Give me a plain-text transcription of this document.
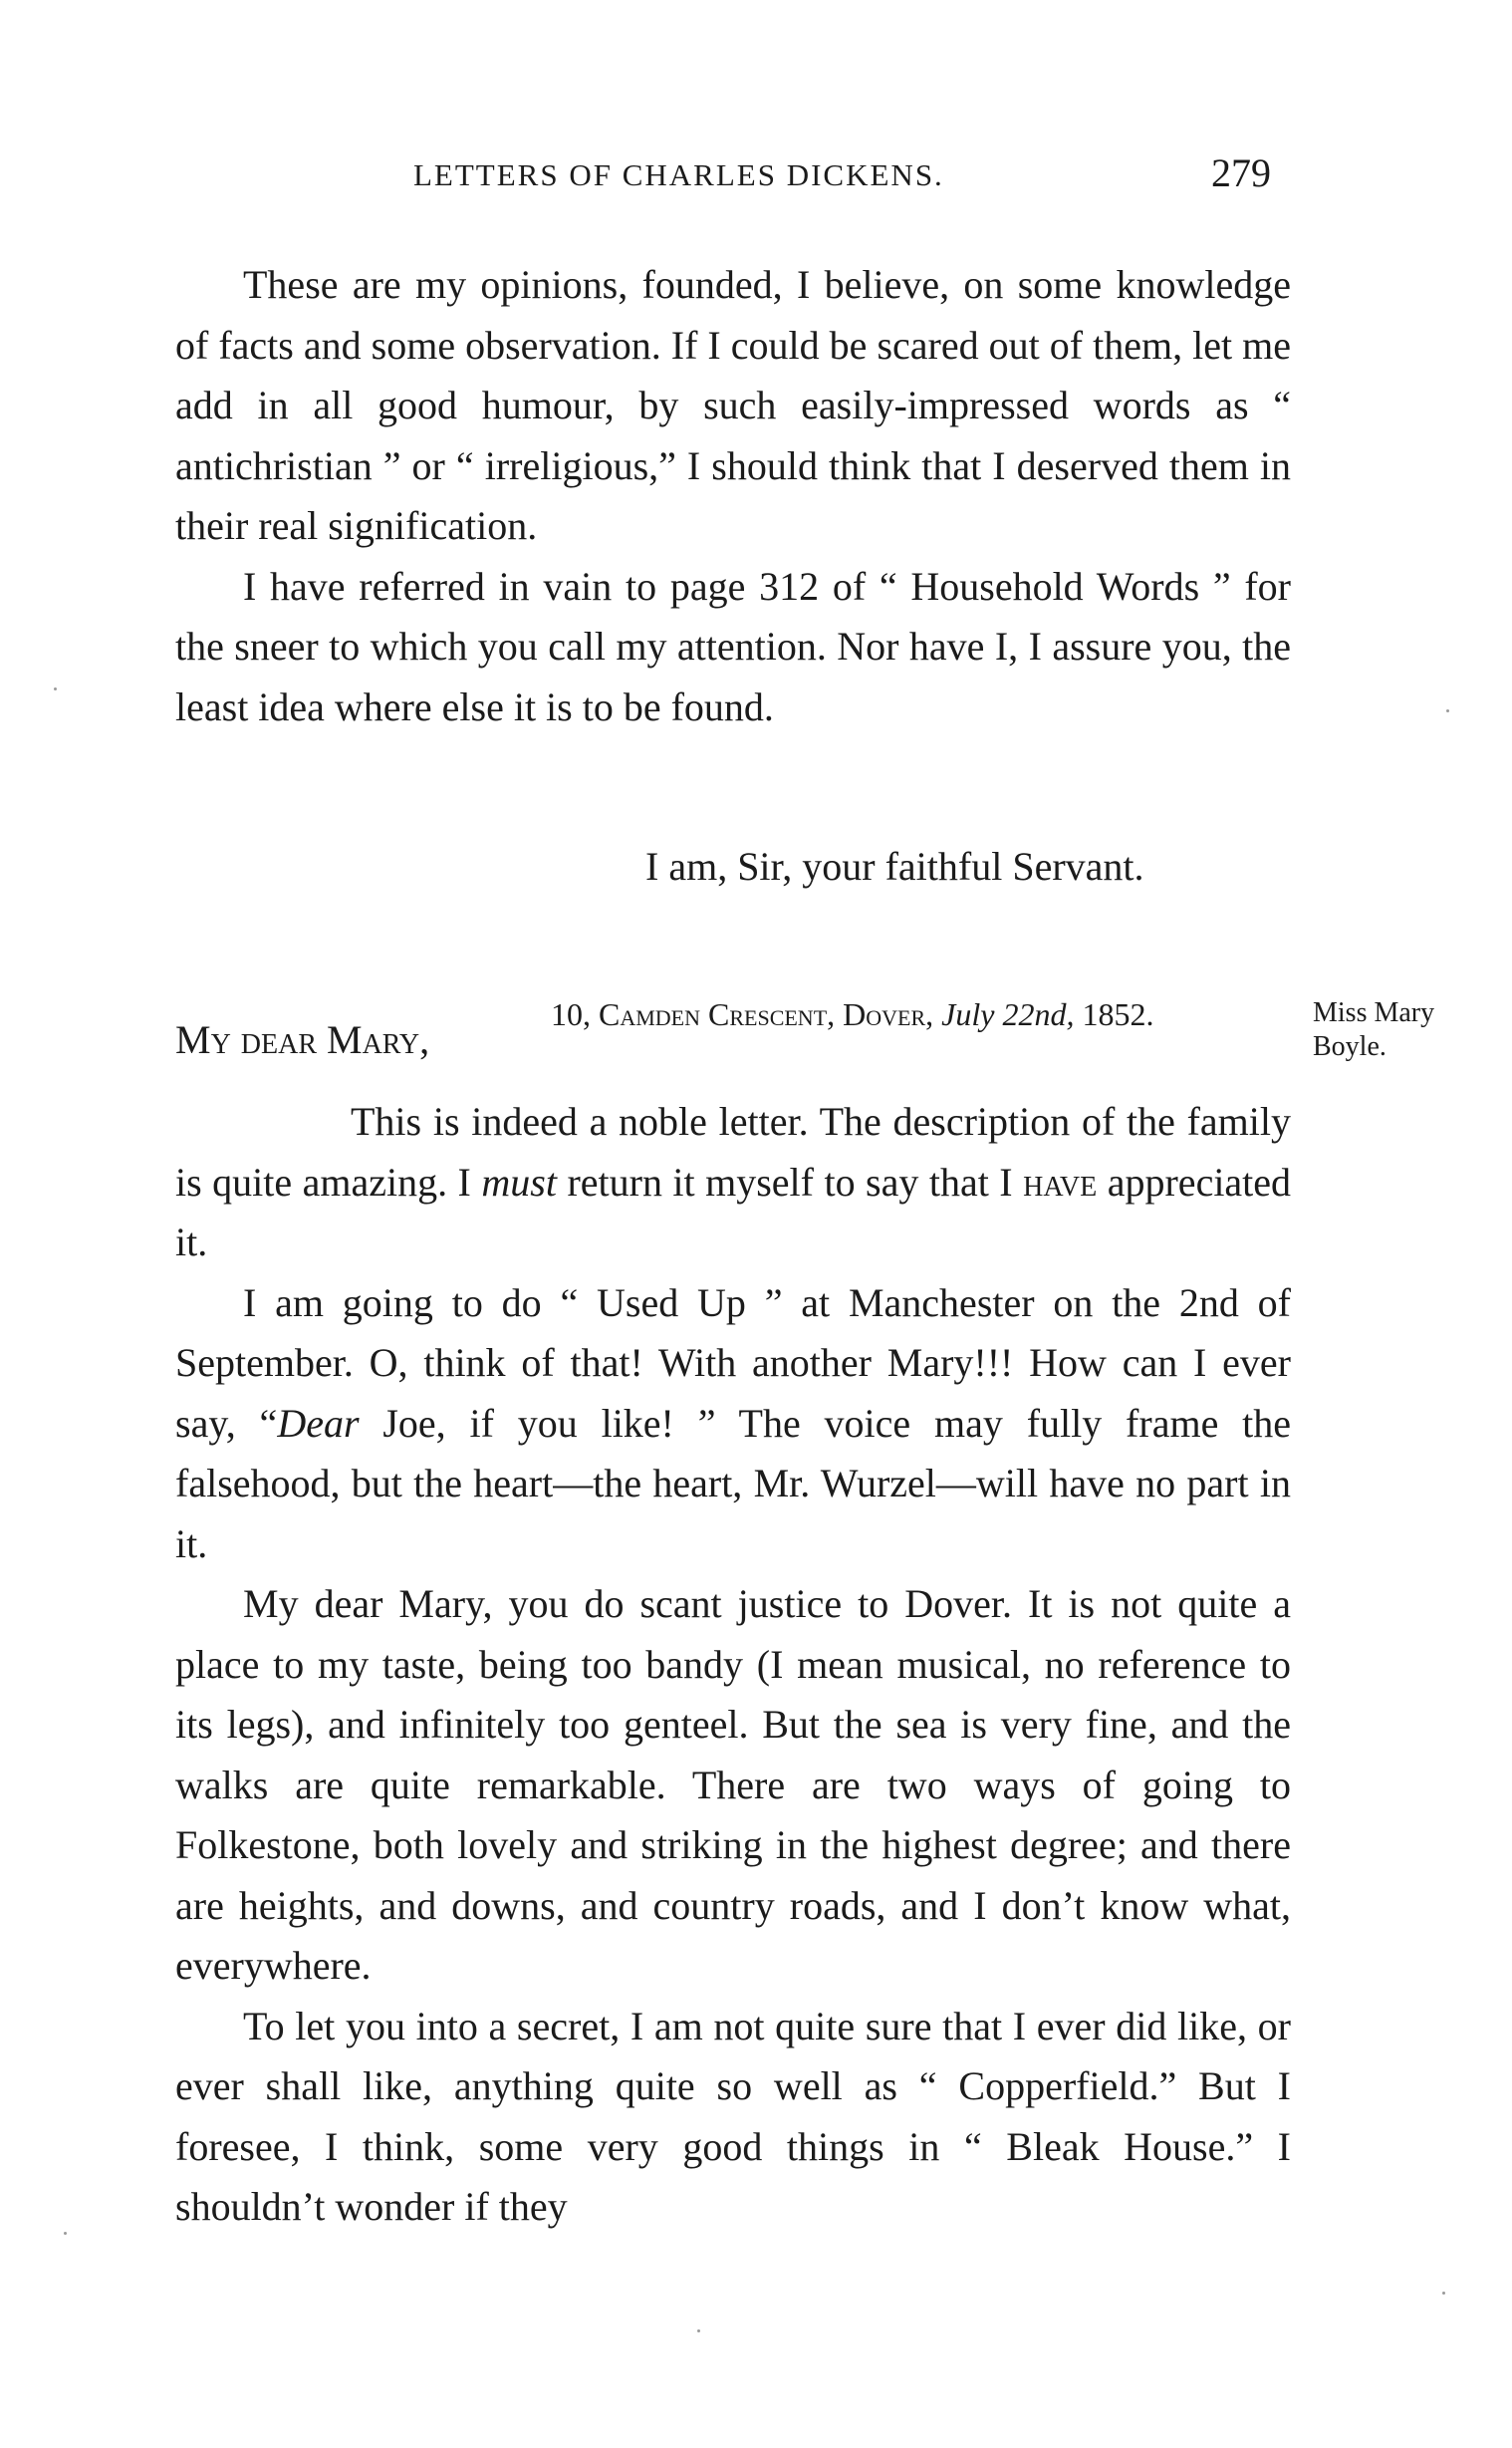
LETTERS OF CHARLES DICKENS.	279

These are my opinions, founded, I believe, on some knowledge of facts and some observation. If I could be scared out of them, let me add in all good humour, by such easily-impressed words as “ antichristian ” or “ irreligious,” I should think that I deserved them in their real signification.

I have referred in vain to page 312 of “ Household Words ” for the sneer to which you call my attention. Nor have I, I assure you, the least idea where else it is to be found.

I am, Sir, your faithful Servant.
10, Camden Crescent, Dover, July 22nd, 1852.	Miss Mary
Boyle.
My dear Mary,

This is indeed a noble letter. The description of the family is quite amazing. I must return it myself to say that I have appreciated it.

I am going to do “ Used Up ” at Manchester on the 2nd of September. O, think of that! With another Mary!!! How can I ever say, “Dear Joe, if you like! ” The voice may fully frame the falsehood, but the heart—the heart, Mr. Wurzel—will have no part in it.

My dear Mary, you do scant justice to Dover. It is not quite a place to my taste, being too bandy (I mean musical, no reference to its legs), and infinitely too genteel. But the sea is very fine, and the walks are quite remarkable. There are two ways of going to Folkestone, both lovely and striking in the highest degree; and there are heights, and downs, and country roads, and I don’t know what, everywhere.

To let you into a secret, I am not quite sure that I ever did like, or ever shall like, anything quite so well as “ Copperfield.” But I foresee, I think, some very good things in “ Bleak House.” I shouldn’t wonder if they
